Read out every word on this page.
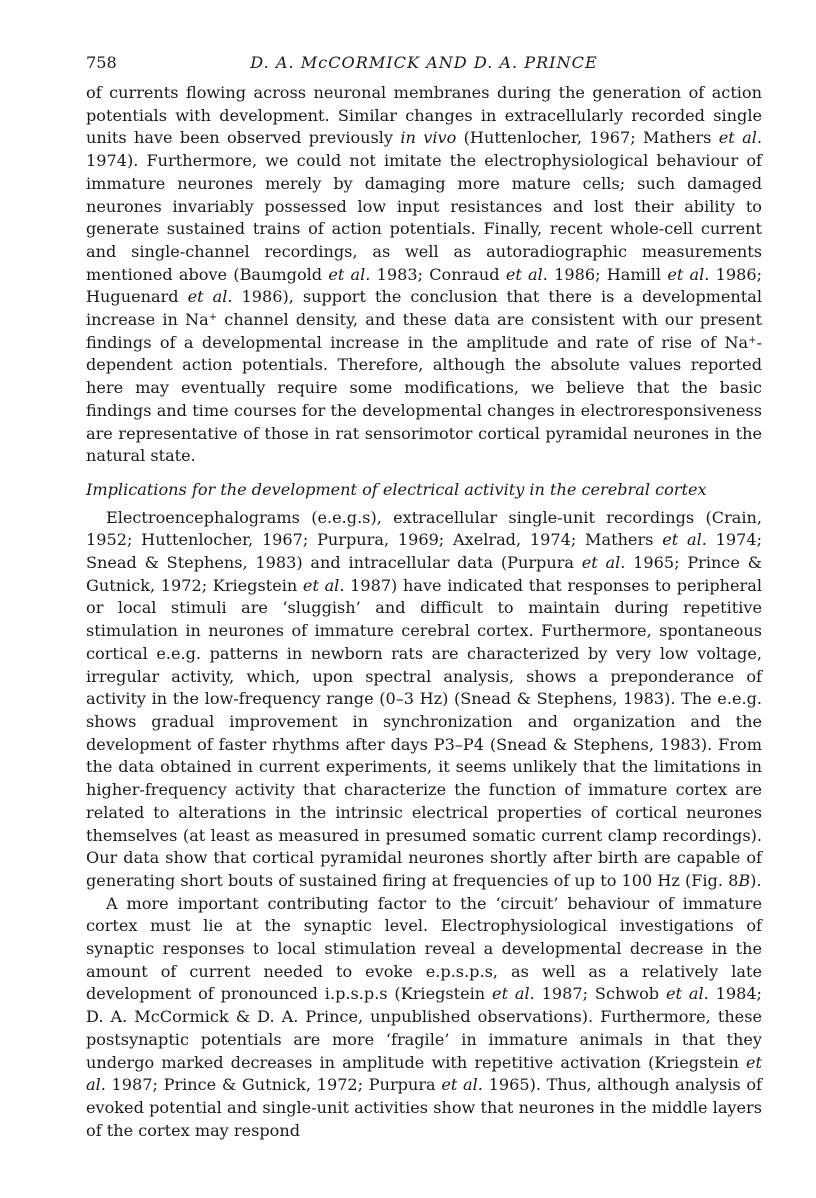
758	D. A. McCORMICK AND D. A. PRINCE

of currents flowing across neuronal membranes during the generation of action potentials with development. Similar changes in extracellularly recorded single units have been observed previously in vivo (Huttenlocher, 1967; Mathers et al. 1974). Furthermore, we could not imitate the electrophysiological behaviour of immature neurones merely by damaging more mature cells; such damaged neurones invariably possessed low input resistances and lost their ability to generate sustained trains of action potentials. Finally, recent whole-cell current and single-channel recordings, as well as autoradiographic measurements mentioned above (Baumgold et al. 1983; Conraud et al. 1986; Hamill et al. 1986; Huguenard et al. 1986), support the conclusion that there is a developmental increase in Na+ channel density, and these data are consistent with our present findings of a developmental increase in the amplitude and rate of rise of Na+-dependent action potentials. Therefore, although the absolute values reported here may eventually require some modifications, we believe that the basic findings and time courses for the developmental changes in electroresponsiveness are representative of those in rat sensorimotor cortical pyramidal neurones in the natural state.

Implications for the development of electrical activity in the cerebral cortex

Electroencephalograms (e.e.g.s), extracellular single-unit recordings (Crain, 1952; Huttenlocher, 1967; Purpura, 1969; Axelrad, 1974; Mathers et al. 1974; Snead & Stephens, 1983) and intracellular data (Purpura et al. 1965; Prince & Gutnick, 1972; Kriegstein et al. 1987) have indicated that responses to peripheral or local stimuli are ‘sluggish’ and difficult to maintain during repetitive stimulation in neurones of immature cerebral cortex. Furthermore, spontaneous cortical e.e.g. patterns in newborn rats are characterized by very low voltage, irregular activity, which, upon spectral analysis, shows a preponderance of activity in the low-frequency range (0–3 Hz) (Snead & Stephens, 1983). The e.e.g. shows gradual improvement in synchronization and organization and the development of faster rhythms after days P3–P4 (Snead & Stephens, 1983). From the data obtained in current experiments, it seems unlikely that the limitations in higher-frequency activity that characterize the function of immature cortex are related to alterations in the intrinsic electrical properties of cortical neurones themselves (at least as measured in presumed somatic current clamp recordings). Our data show that cortical pyramidal neurones shortly after birth are capable of generating short bouts of sustained firing at frequencies of up to 100 Hz (Fig. 8B).

A more important contributing factor to the ‘circuit’ behaviour of immature cortex must lie at the synaptic level. Electrophysiological investigations of synaptic responses to local stimulation reveal a developmental decrease in the amount of current needed to evoke e.p.s.p.s, as well as a relatively late development of pronounced i.p.s.p.s (Kriegstein et al. 1987; Schwob et al. 1984; D. A. McCormick & D. A. Prince, unpublished observations). Furthermore, these postsynaptic potentials are more ‘fragile’ in immature animals in that they undergo marked decreases in amplitude with repetitive activation (Kriegstein et al. 1987; Prince & Gutnick, 1972; Purpura et al. 1965). Thus, although analysis of evoked potential and single-unit activities show that neurones in the middle layers of the cortex may respond
